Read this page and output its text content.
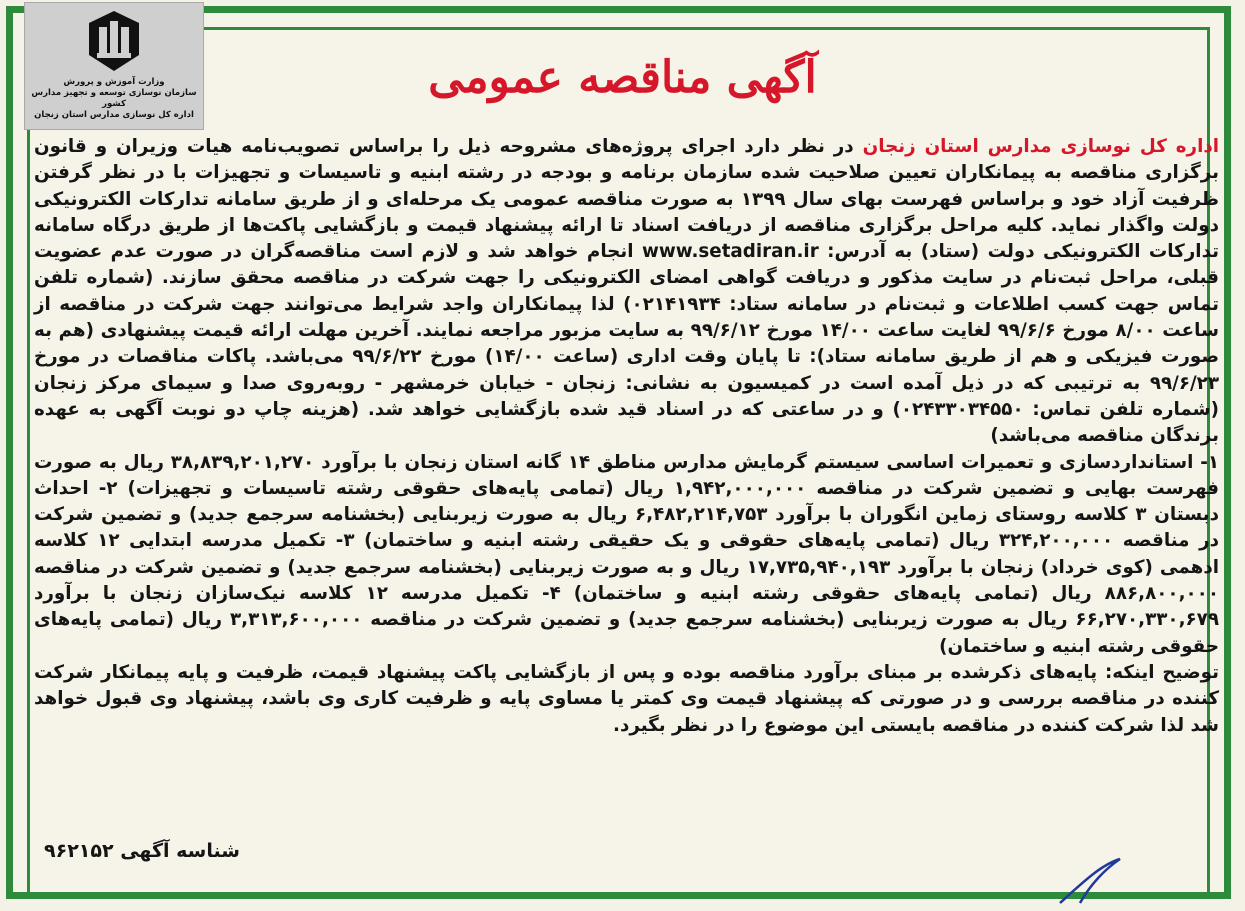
وزارت آموزش و پرورش
سازمان نوسازی توسعه و تجهیز مدارس کشور
اداره کل نوسازی مدارس استان زنجان
آگهی مناقصه عمومی

اداره کل نوسازی مدارس استان زنجان در نظر دارد اجرای پروژه‌های مشروحه ذیل را براساس تصویب‌نامه هیات وزیران و قانون برگزاری مناقصه به پیمانکاران تعیین صلاحیت شده سازمان برنامه و بودجه در رشته ابنیه و تاسیسات و تجهیزات با در نظر گرفتن ظرفیت آزاد خود و براساس فهرست بهای سال ۱۳۹۹ به صورت مناقصه عمومی یک مرحله‌ای و از طریق سامانه تدارکات الکترونیکی دولت واگذار نماید. کلیه مراحل برگزاری مناقصه از دریافت اسناد تا ارائه پیشنهاد قیمت و بازگشایی پاکت‌ها از طریق درگاه سامانه تدارکات الکترونیکی دولت (ستاد) به آدرس: www.setadiran.ir انجام خواهد شد و لازم است مناقصه‌گران در صورت عدم عضویت قبلی، مراحل ثبت‌نام در سایت مذکور و دریافت گواهی امضای الکترونیکی را جهت شرکت در مناقصه محقق سازند. (شماره تلفن تماس جهت کسب اطلاعات و ثبت‌نام در سامانه ستاد: ۰۲۱۴۱۹۳۴) لذا پیمانکاران واجد شرایط می‌توانند جهت شرکت در مناقصه از ساعت ۸/۰۰ مورخ ۹۹/۶/۶ لغایت ساعت ۱۴/۰۰ مورخ ۹۹/۶/۱۲ به سایت مزبور مراجعه نمایند. آخرین مهلت ارائه قیمت پیشنهادی (هم به صورت فیزیکی و هم از طریق سامانه ستاد): تا پایان وقت اداری (ساعت ۱۴/۰۰) مورخ ۹۹/۶/۲۲ می‌باشد. پاکات مناقصات در مورخ ۹۹/۶/۲۳ به ترتیبی که در ذیل آمده است در کمیسیون به نشانی: زنجان - خیابان خرمشهر - روبه‌روی صدا و سیمای مرکز زنجان (شماره تلفن تماس: ۰۲۴۳۳۰۳۴۵۵۰) و در ساعتی که در اسناد قید شده بازگشایی خواهد شد. (هزینه چاپ دو نوبت آگهی به عهده برندگان مناقصه می‌باشد)

۱- استانداردسازی و تعمیرات اساسی سیستم گرمایش مدارس مناطق ۱۴ گانه استان زنجان با برآورد ۳۸,۸۳۹,۲۰۱,۲۷۰ ریال به صورت فهرست بهایی و تضمین شرکت در مناقصه ۱,۹۴۲,۰۰۰,۰۰۰ ریال (تمامی پایه‌های حقوقی رشته تاسیسات و تجهیزات) ۲- احداث دبستان ۳ کلاسه روستای زماین انگوران با برآورد ۶,۴۸۲,۲۱۴,۷۵۳ ریال به صورت زیربنایی (بخشنامه سرجمع جدید) و تضمین شرکت در مناقصه ۳۲۴,۲۰۰,۰۰۰ ریال (تمامی پایه‌های حقوقی و یک حقیقی رشته ابنیه و ساختمان) ۳- تکمیل مدرسه ابتدایی ۱۲ کلاسه ادهمی (کوی خرداد) زنجان با برآورد ۱۷,۷۳۵,۹۴۰,۱۹۳ ریال و به صورت زیربنایی (بخشنامه سرجمع جدید) و تضمین شرکت در مناقصه ۸۸۶,۸۰۰,۰۰۰ ریال (تمامی پایه‌های حقوقی رشته ابنیه و ساختمان) ۴- تکمیل مدرسه ۱۲ کلاسه نیک‌سازان زنجان با برآورد ۶۶,۲۷۰,۳۳۰,۶۷۹ ریال به صورت زیربنایی (بخشنامه سرجمع جدید) و تضمین شرکت در مناقصه ۳,۳۱۳,۶۰۰,۰۰۰ ریال (تمامی پایه‌های حقوقی رشته ابنیه و ساختمان)

توضیح اینکه: پایه‌های ذکرشده بر مبنای برآورد مناقصه بوده و پس از بازگشایی پاکت پیشنهاد قیمت، ظرفیت و پایه پیمانکار شرکت کننده در مناقصه بررسی و در صورتی که پیشنهاد قیمت وی کمتر یا مساوی پایه و ظرفیت کاری وی باشد، پیشنهاد وی قبول خواهد شد لذا شرکت کننده در مناقصه بایستی این موضوع را در نظر بگیرد.

شناسه آگهی ۹۶۲۱۵۲
